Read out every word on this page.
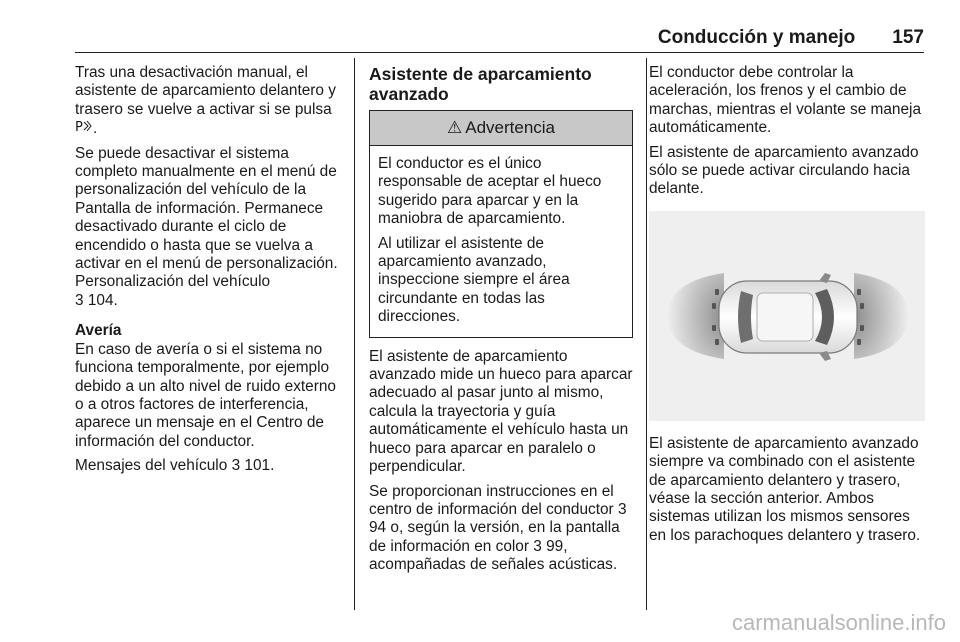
Conducción y manejo 157

Tras una desactivación manual, el asistente de aparcamiento delantero y trasero se vuelve a activar si se pulsa
P .

Se puede desactivar el sistema completo manualmente en el menú de personalización del vehículo de la Pantalla de información. Permanece desactivado durante el ciclo de encendido o hasta que se vuelva a activar en el menú de personalización. Personalización del vehículo
3 104.

Avería

En caso de avería o si el sistema no funciona temporalmente, por ejemplo debido a un alto nivel de ruido externo o a otros factores de interferencia, aparece un mensaje en el Centro de información del conductor.

Mensajes del vehículo 3 101.

Asistente de aparcamiento avanzado

⚠ Advertencia

El conductor es el único responsable de aceptar el hueco sugerido para aparcar y en la maniobra de aparcamiento.

Al utilizar el asistente de aparcamiento avanzado, inspeccione siempre el área circundante en todas las direcciones.

El asistente de aparcamiento avanzado mide un hueco para aparcar adecuado al pasar junto al mismo, calcula la trayectoria y guía automáticamente el vehículo hasta un hueco para aparcar en paralelo o perpendicular.

Se proporcionan instrucciones en el centro de información del conductor 3 94 o, según la versión, en la pantalla de información en color 3 99, acompañadas de señales acústicas.

El conductor debe controlar la aceleración, los frenos y el cambio de marchas, mientras el volante se maneja automáticamente.

El asistente de aparcamiento avanzado sólo se puede activar circulando hacia delante.

El asistente de aparcamiento avanzado siempre va combinado con el asistente de aparcamiento delantero y trasero, véase la sección anterior. Ambos sistemas utilizan los mismos sensores en los parachoques delantero y trasero.

carmanualsonline.info
